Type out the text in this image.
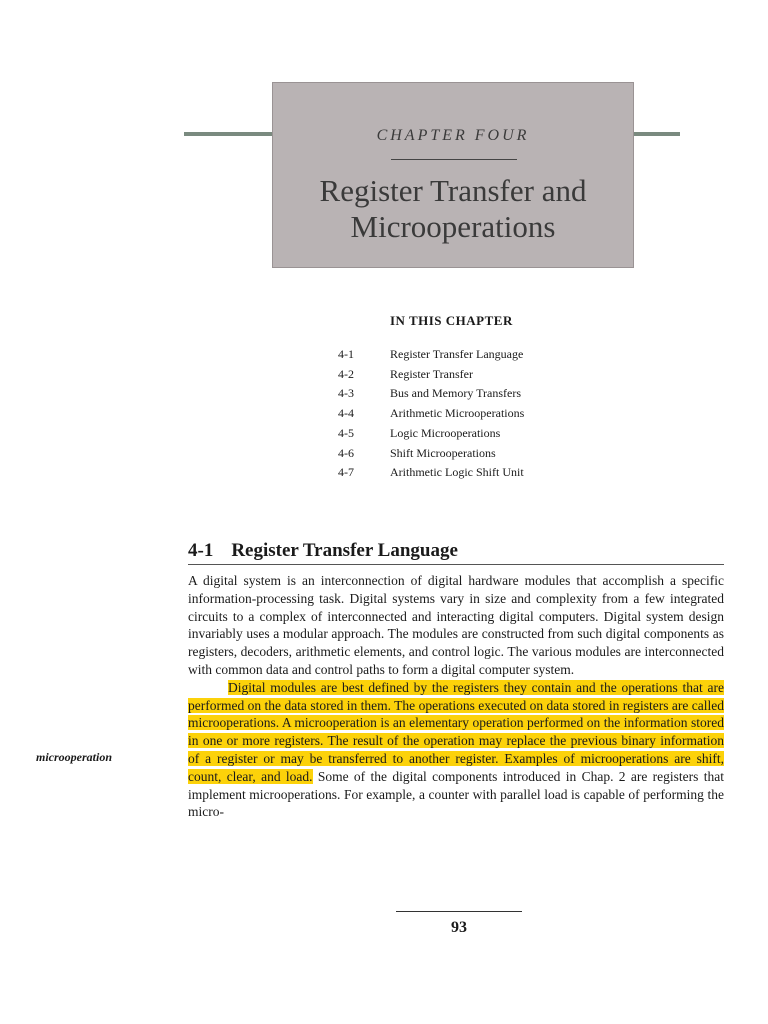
CHAPTER FOUR
Register Transfer and Microoperations
IN THIS CHAPTER
4-1	Register Transfer Language
4-2	Register Transfer
4-3	Bus and Memory Transfers
4-4	Arithmetic Microoperations
4-5	Logic Microoperations
4-6	Shift Microoperations
4-7	Arithmetic Logic Shift Unit
4-1 Register Transfer Language
microoperation

A digital system is an interconnection of digital hardware modules that accomplish a specific information-processing task. Digital systems vary in size and complexity from a few integrated circuits to a complex of interconnected and interacting digital computers. Digital system design invariably uses a modular approach. The modules are constructed from such digital components as registers, decoders, arithmetic elements, and control logic. The various modules are interconnected with common data and control paths to form a digital computer system.

Digital modules are best defined by the registers they contain and the operations that are performed on the data stored in them. The operations executed on data stored in registers are called microoperations. A microoperation is an elementary operation performed on the information stored in one or more registers. The result of the operation may replace the previous binary information of a register or may be transferred to another register. Examples of microoperations are shift, count, clear, and load. Some of the digital components introduced in Chap. 2 are registers that implement microoperations. For example, a counter with parallel load is capable of performing the micro-

93
